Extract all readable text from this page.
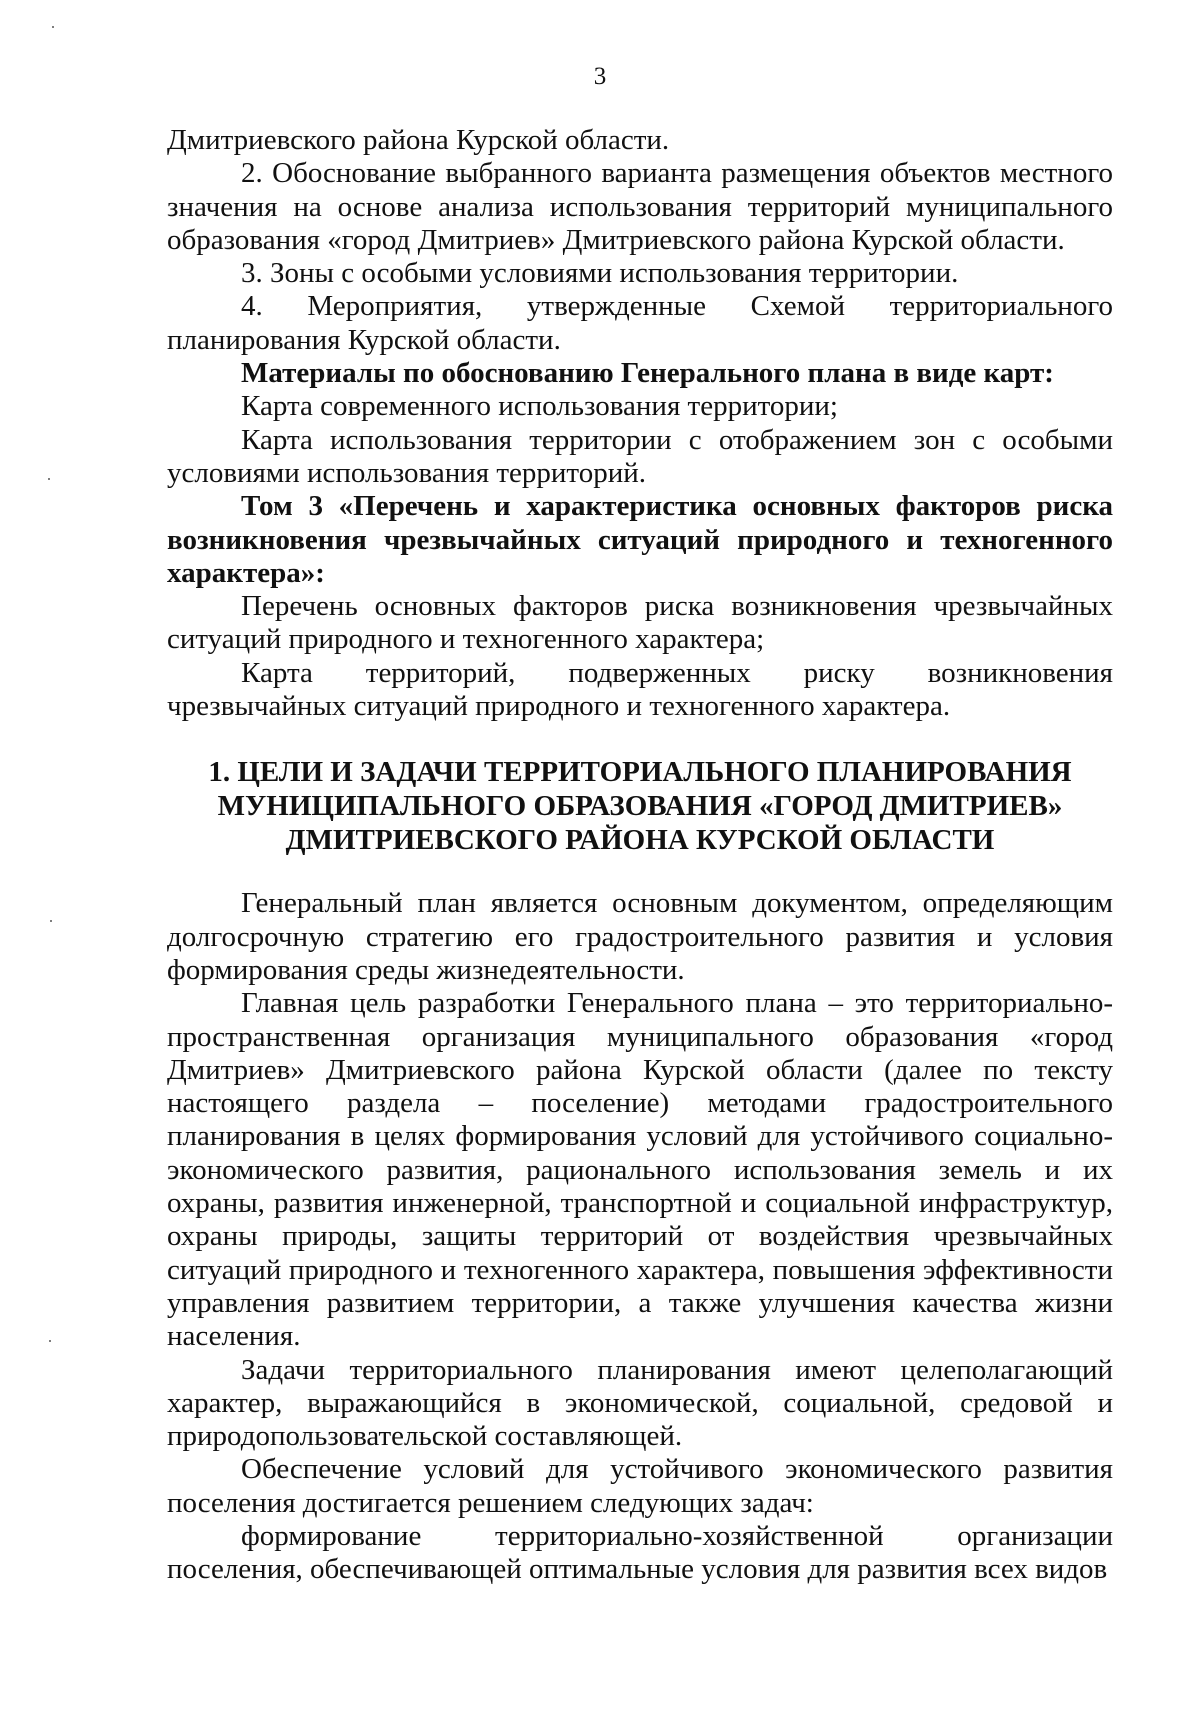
3

Дмитриевского района Курской области.

2. Обоснование выбранного варианта размещения объектов местного значения на основе анализа использования территорий муниципального образования «город Дмитриев» Дмитриевского района Курской области.

3. Зоны с особыми условиями использования территории.

4. Мероприятия, утвержденные Схемой территориального планирования Курской области.

Материалы по обоснованию Генерального плана в виде карт:

Карта современного использования территории;

Карта использования территории с отображением зон с особыми условиями использования территорий.

Том 3 «Перечень и характеристика основных факторов риска возникновения чрезвычайных ситуаций природного и техногенного характера»:

Перечень основных факторов риска возникновения чрезвычайных ситуаций природного и техногенного характера;

Карта территорий, подверженных риску возникновения чрезвычайных ситуаций природного и техногенного характера.

1. ЦЕЛИ И ЗАДАЧИ ТЕРРИТОРИАЛЬНОГО ПЛАНИРОВАНИЯ
МУНИЦИПАЛЬНОГО ОБРАЗОВАНИЯ «ГОРОД ДМИТРИЕВ»
ДМИТРИЕВСКОГО РАЙОНА КУРСКОЙ ОБЛАСТИ

Генеральный план является основным документом, определяющим долгосрочную стратегию его градостроительного развития и условия формирования среды жизнедеятельности.

Главная цель разработки Генерального плана – это территориально-пространственная организация муниципального образования «город Дмитриев» Дмитриевского района Курской области (далее по тексту настоящего раздела – поселение) методами градостроительного планирования в целях формирования условий для устойчивого социально-экономического развития, рационального использования земель и их охраны, развития инженерной, транспортной и социальной инфраструктур, охраны природы, защиты территорий от воздействия чрезвычайных ситуаций природного и техногенного характера, повышения эффективности управления развитием территории, а также улучшения качества жизни населения.

Задачи территориального планирования имеют целеполагающий характер, выражающийся в экономической, социальной, средовой и природопользовательской составляющей.

Обеспечение условий для устойчивого экономического развития поселения достигается решением следующих задач:

формирование территориально-хозяйственной организации поселения, обеспечивающей оптимальные условия для развития всех видов
